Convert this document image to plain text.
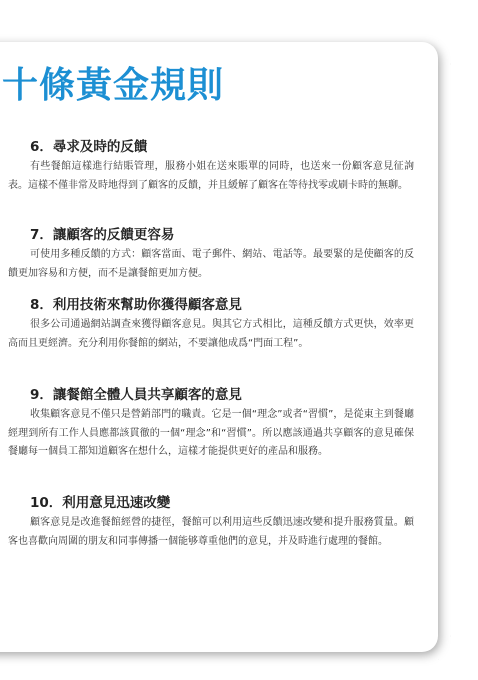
十條黃金規則
6．尋求及時的反饋

有些餐館這樣進行結賬管理，服務小姐在送來賬單的同時，也送來一份顧客意見征詢表。這樣不僅非常及時地得到了顧客的反饋，并且緩解了顧客在等待找零或刷卡時的無聊。

7．讓顧客的反饋更容易

可使用多種反饋的方式：顧客當面、電子郵件、網站、電話等。最要緊的是使顧客的反饋更加容易和方便，而不是讓餐館更加方便。

8．利用技術來幫助你獲得顧客意見

很多公司通過網站調查來獲得顧客意見。與其它方式相比，這種反饋方式更快，效率更高而且更經濟。充分利用你餐館的網站，不要讓他成爲“門面工程”。

9．讓餐館全體人員共享顧客的意見

收集顧客意見不僅只是營銷部門的職責。它是一個“理念”或者“習慣”，是從東主到餐廳經理到所有工作人員應都該貫徹的一個“理念”和“習慣”。所以應該通過共享顧客的意見確保餐廳每一個員工都知道顧客在想什么，這樣才能提供更好的產品和服務。

10．利用意見迅速改變

顧客意見是改進餐館經營的捷徑，餐館可以利用這些反饋迅速改變和提升服務質量。顧客也喜歡向周圍的朋友和同事傳播一個能够尊重他們的意見，并及時進行處理的餐館。
